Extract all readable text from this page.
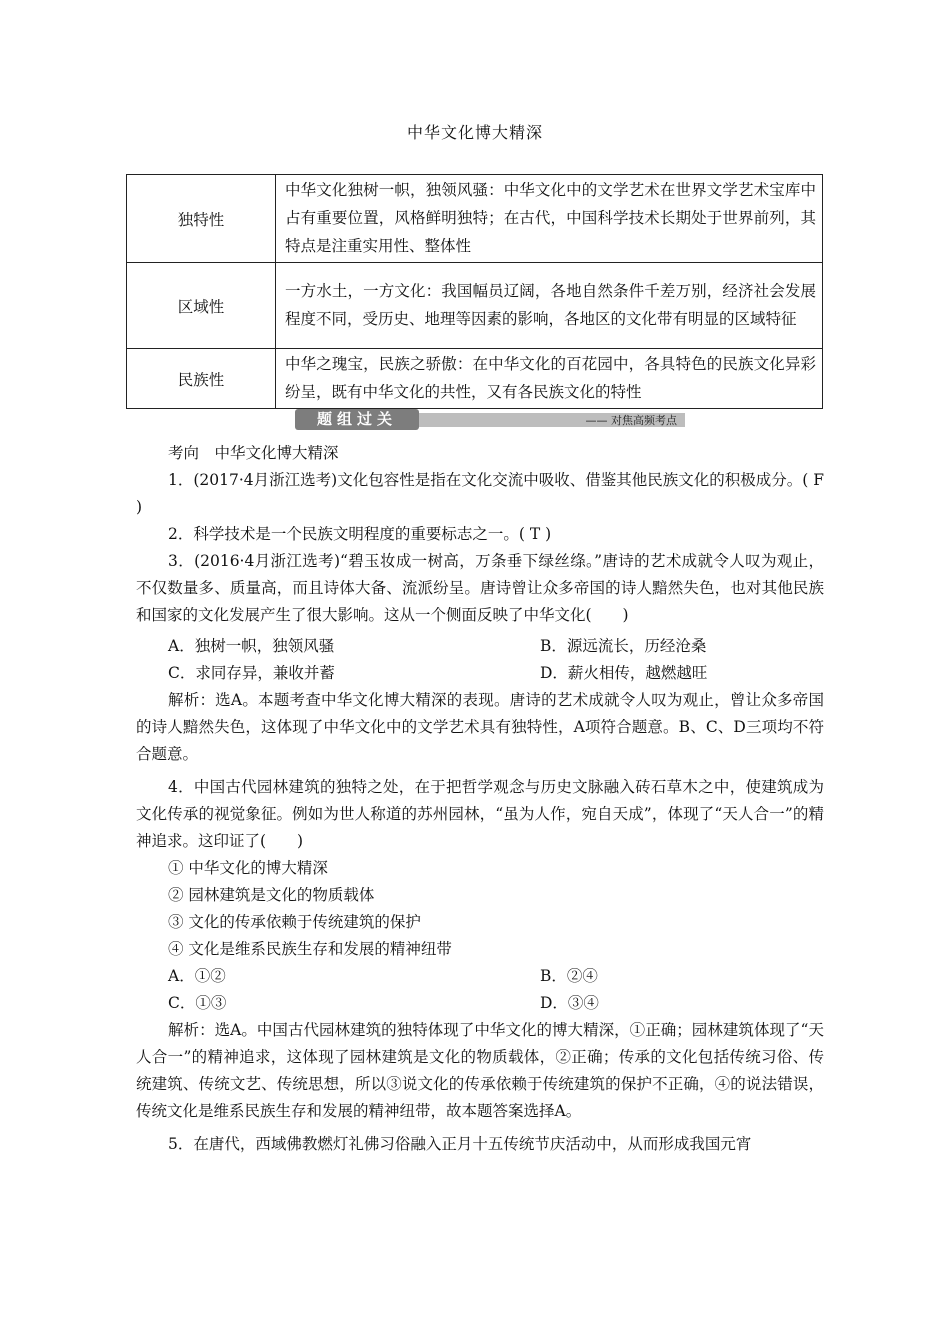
中华文化博大精深
独特性	中华文化独树一帜，独领风骚：中华文化中的文学艺术在世界文学艺术宝库中占有重要位置，风格鲜明独特；在古代，中国科学技术长期处于世界前列，其特点是注重实用性、整体性
区域性	一方水土，一方文化：我国幅员辽阔，各地自然条件千差万别，经济社会发展程度不同，受历史、地理等因素的影响，各地区的文化带有明显的区域特征
民族性	中华之瑰宝，民族之骄傲：在中华文化的百花园中，各具特色的民族文化异彩纷呈，既有中华文化的共性，又有各民族文化的特性
题组过关	—— 对焦高频考点

考向　中华文化博大精深

1．(2017·4月浙江选考)文化包容性是指在文化交流中吸收、借鉴其他民族文化的积极成分。( F )

2．科学技术是一个民族文明程度的重要标志之一。( T )

3．(2016·4月浙江选考)“碧玉妆成一树高，万条垂下绿丝绦。”唐诗的艺术成就令人叹为观止，不仅数量多、质量高，而且诗体大备、流派纷呈。唐诗曾让众多帝国的诗人黯然失色，也对其他民族和国家的文化发展产生了很大影响。这从一个侧面反映了中华文化(　　)

A．独树一帜，独领风骚	B．源远流长，历经沧桑
C．求同存异，兼收并蓄	D．薪火相传，越燃越旺

解析：选A。本题考查中华文化博大精深的表现。唐诗的艺术成就令人叹为观止，曾让众多帝国的诗人黯然失色，这体现了中华文化中的文学艺术具有独特性，A项符合题意。B、C、D三项均不符合题意。

4．中国古代园林建筑的独特之处，在于把哲学观念与历史文脉融入砖石草木之中，使建筑成为文化传承的视觉象征。例如为世人称道的苏州园林，“虽为人作，宛自天成”，体现了“天人合一”的精神追求。这印证了(　　)

① 中华文化的博大精深
② 园林建筑是文化的物质载体
③ 文化的传承依赖于传统建筑的保护
④ 文化是维系民族生存和发展的精神纽带
A．①②	B．②④
C．①③	D．③④

解析：选A。中国古代园林建筑的独特体现了中华文化的博大精深，①正确；园林建筑体现了“天人合一”的精神追求，这体现了园林建筑是文化的物质载体，②正确；传承的文化包括传统习俗、传统建筑、传统文艺、传统思想，所以③说文化的传承依赖于传统建筑的保护不正确，④的说法错误，传统文化是维系民族生存和发展的精神纽带，故本题答案选择A。

5．在唐代，西域佛教燃灯礼佛习俗融入正月十五传统节庆活动中，从而形成我国元宵
